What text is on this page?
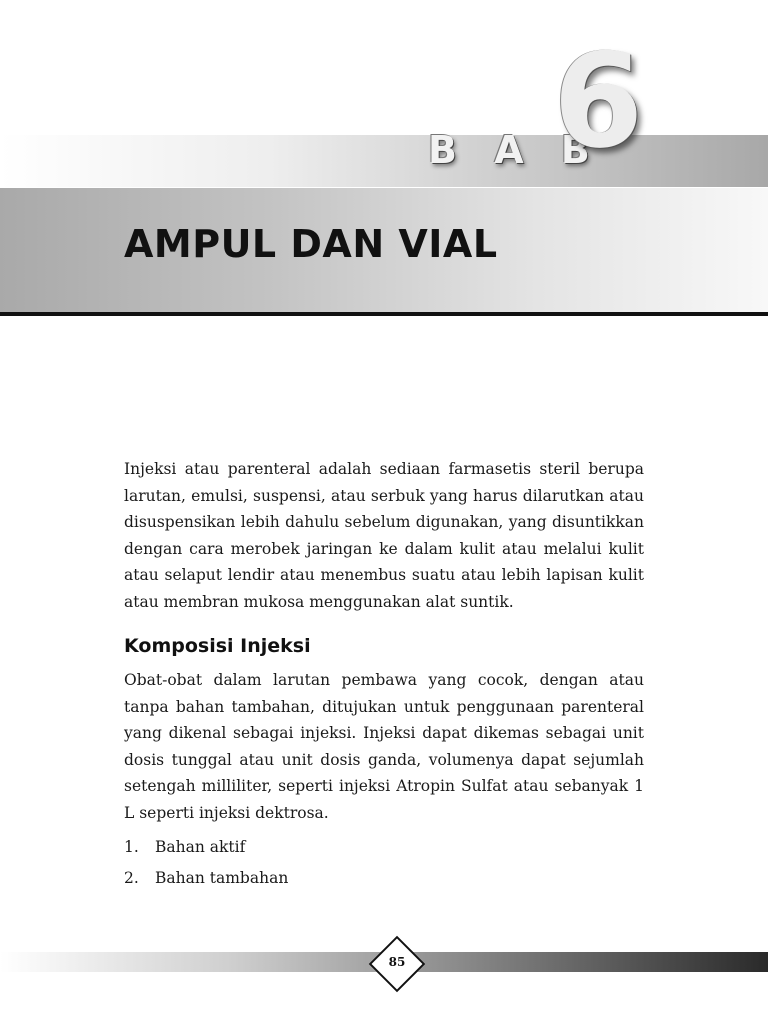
B A B
6
AMPUL DAN VIAL

Injeksi atau parenteral adalah sediaan farmasetis steril berupa larutan, emulsi, suspensi, atau serbuk yang harus dilarutkan atau disuspensikan lebih dahulu sebelum digunakan, yang disuntikkan dengan cara merobek jaringan ke dalam kulit atau melalui kulit atau selaput lendir atau menembus suatu atau lebih lapisan kulit atau membran mukosa menggunakan alat suntik.

Komposisi Injeksi

Obat-obat dalam larutan pembawa yang cocok, dengan atau tanpa bahan tambahan, ditujukan untuk penggunaan parenteral yang dikenal sebagai injeksi. Injeksi dapat dikemas sebagai unit dosis tunggal atau unit dosis ganda, volumenya dapat sejumlah setengah milliliter, seperti injeksi Atropin Sulfat atau sebanyak 1 L seperti injeksi dektrosa.

1.	Bahan aktif
2.	Bahan tambahan
85
